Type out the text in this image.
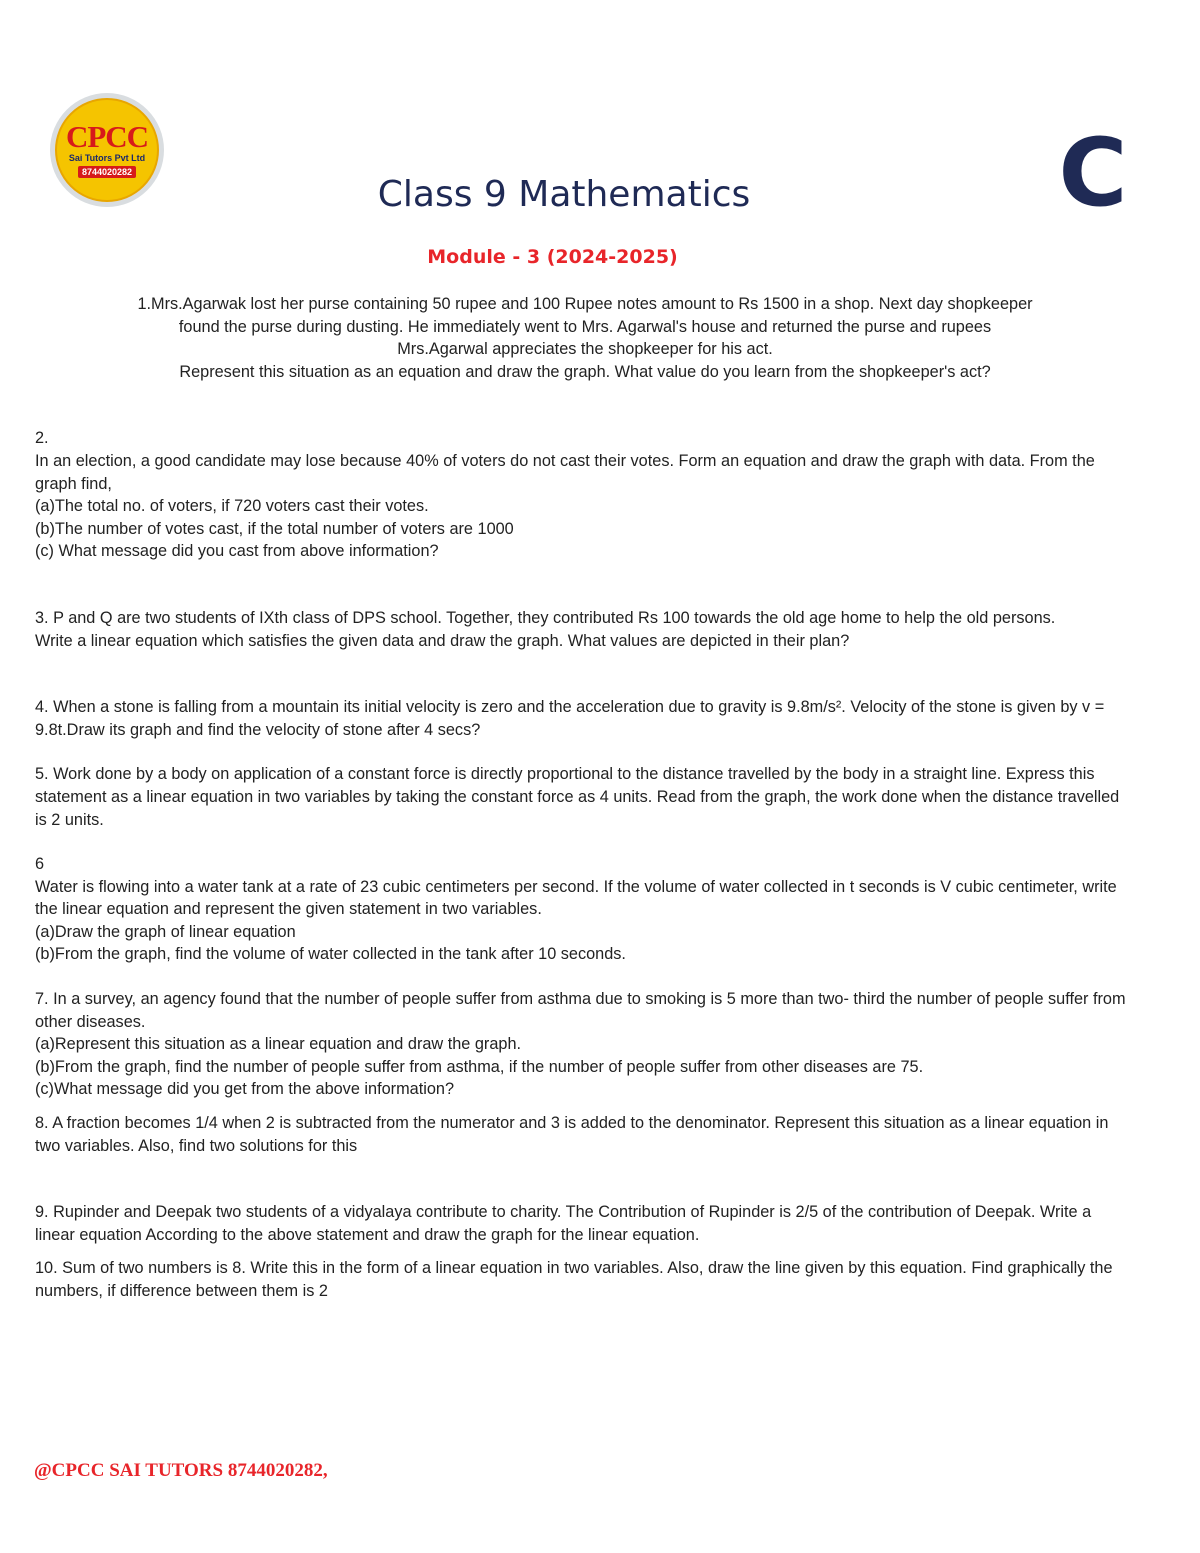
CPCC
Sai Tutors Pvt Ltd
8744020282
Class 9 Mathematics	C
Module - 3 (2024-2025)

1.Mrs.Agarwak lost her purse containing 50 rupee and 100 Rupee notes amount to Rs 1500 in a shop. Next day shopkeeper

found the purse during dusting. He immediately went to Mrs. Agarwal's house and returned the purse and rupees

Mrs.Agarwal appreciates the shopkeeper for his act.

Represent this situation as an equation and draw the graph. What value do you learn from the shopkeeper's act?

2.

In an election, a good candidate may lose because 40% of voters do not cast their votes. Form an equation and draw the graph with data. From the graph find,

(a)The total no. of voters, if 720 voters cast their votes.

(b)The number of votes cast, if the total number of voters are 1000

(c) What message did you cast from above information?

3. P and Q are two students of IXth class of DPS school. Together, they contributed Rs 100 towards the old age home to help the old persons.

Write a linear equation which satisfies the given data and draw the graph. What values are depicted in their plan?

4. When a stone is falling from a mountain its initial velocity is zero and the acceleration due to gravity is 9.8m/s². Velocity of the stone is given by v = 9.8t.Draw its graph and find the velocity of stone after 4 secs?

5. Work done by a body on application of a constant force is directly proportional to the distance travelled by the body in a straight line. Express this statement as a linear equation in two variables by taking the constant force as 4 units. Read from the graph, the work done when the distance travelled is 2 units.

6

Water is flowing into a water tank at a rate of 23 cubic centimeters per second. If the volume of water collected in t seconds is V cubic centimeter, write the linear equation and represent the given statement in two variables.

(a)Draw the graph of linear equation

(b)From the graph, find the volume of water collected in the tank after 10 seconds.

7. In a survey, an agency found that the number of people suffer from asthma due to smoking is 5 more than two- third the number of people suffer from other diseases.

(a)Represent this situation as a linear equation and draw the graph.

(b)From the graph, find the number of people suffer from asthma, if the number of people suffer from other diseases are 75.

(c)What message did you get from the above information?

8. A fraction becomes 1/4 when 2 is subtracted from the numerator and 3 is added to the denominator. Represent this situation as a linear equation in two variables. Also, find two solutions for this

9. Rupinder and Deepak two students of a vidyalaya contribute to charity. The Contribution of Rupinder is 2/5 of the contribution of Deepak. Write a linear equation According to the above statement and draw the graph for the linear equation.

10. Sum of two numbers is 8. Write this in the form of a linear equation in two variables. Also, draw the line given by this equation. Find graphically the numbers, if difference between them is 2

@CPCC SAI TUTORS 8744020282,
